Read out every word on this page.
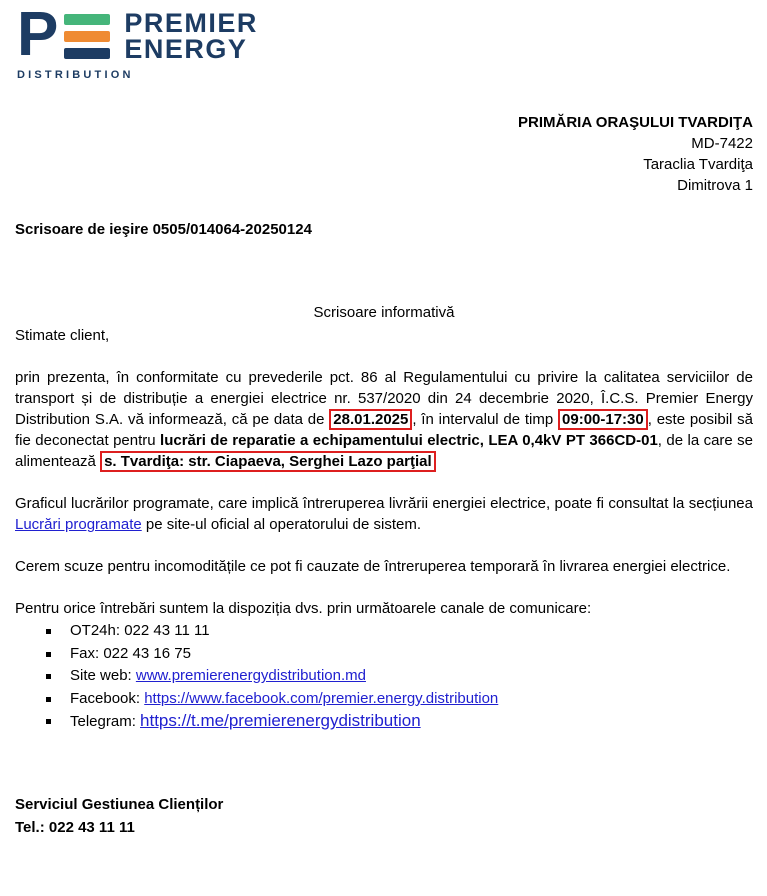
P	PREMIER
ENERGY
DISTRIBUTION
PRIMĂRIA ORAŞULUI TVARDIŢA
MD-7422
Taraclia Tvardiţa
Dimitrova 1
Scrisoare de ieşire 0505/014064-20250124
Scrisoare informativă
Stimate client,
prin prezenta, în conformitate cu prevederile pct. 86 al Regulamentului cu privire la calitatea serviciilor de transport și de distribuție a energiei electrice nr. 537/2020 din 24 decembrie 2020, Î.C.S. Premier Energy Distribution S.A. vă informează, că pe data de 28.01.2025 , în intervalul de timp 09:00-17:30 , este posibil să fie deconectat pentru lucrări de reparatie a echipamentului electric, LEA 0,4kV PT 366CD-01, de la care se alimentează s. Tvardiţa: str. Ciapaeva, Serghei Lazo parţial
Graficul lucrărilor programate, care implică întreruperea livrării energiei electrice, poate fi consultat la secțiunea Lucrări programate pe site-ul oficial al operatorului de sistem.
Cerem scuze pentru incomoditățile ce pot fi cauzate de întreruperea temporară în livrarea energiei electrice.
Pentru orice întrebări suntem la dispoziția dvs. prin următoarele canale de comunicare:
OT24h: 022 43 11 11
Fax: 022 43 16 75
Site web: www.premierenergydistribution.md
Facebook: https://www.facebook.com/premier.energy.distribution
Telegram: https://t.me/premierenergydistribution
Serviciul Gestiunea Clienților
Tel.: 022 43 11 11
